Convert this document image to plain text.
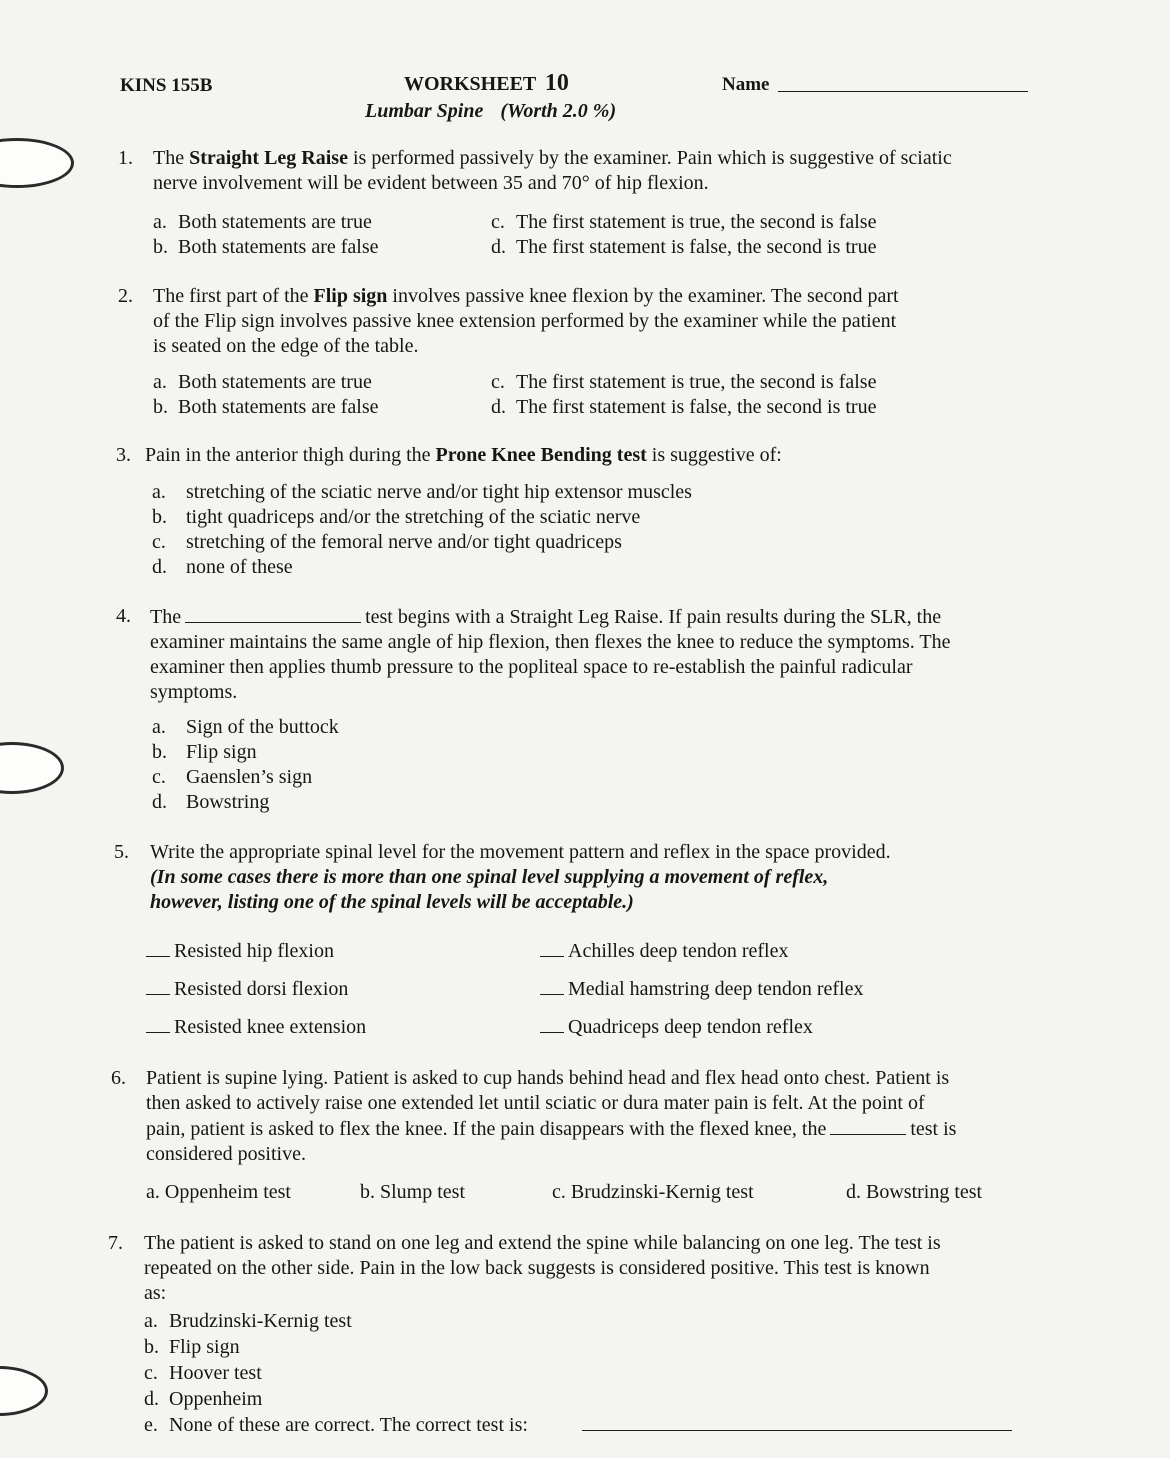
KINS 155B	WORKSHEET 10
Lumbar Spine (Worth 2.0 %)
Name
1. The Straight Leg Raise is performed passively by the examiner. Pain which is suggestive of sciatic
nerve involvement will be evident between 35 and 70° of hip flexion.
a. Both statements are true
b. Both statements are false
c. The first statement is true, the second is false
d. The first statement is false, the second is true
2. The first part of the Flip sign involves passive knee flexion by the examiner. The second part
of the Flip sign involves passive knee extension performed by the examiner while the patient
is seated on the edge of the table.
a. Both statements are true
b. Both statements are false
c. The first statement is true, the second is false
d. The first statement is false, the second is true
3. Pain in the anterior thigh during the Prone Knee Bending test is suggestive of:
a. stretching of the sciatic nerve and/or tight hip extensor muscles
b. tight quadriceps and/or the stretching of the sciatic nerve
c. stretching of the femoral nerve and/or tight quadriceps
d. none of these
4. The	test begins with a Straight Leg Raise. If pain results during the SLR, the
examiner maintains the same angle of hip flexion, then flexes the knee to reduce the symptoms. The
examiner then applies thumb pressure to the popliteal space to re-establish the painful radicular
symptoms.
a. Sign of the buttock
b. Flip sign
c. Gaenslen’s sign
d. Bowstring
5. Write the appropriate spinal level for the movement pattern and reflex in the space provided.
(In some cases there is more than one spinal level supplying a movement of reflex,
however, listing one of the spinal levels will be acceptable.)
Resisted hip flexion
Resisted dorsi flexion
Resisted knee extension
Achilles deep tendon reflex
Medial hamstring deep tendon reflex
Quadriceps deep tendon reflex
6. Patient is supine lying. Patient is asked to cup hands behind head and flex head onto chest. Patient is
then asked to actively raise one extended let until sciatic or dura mater pain is felt. At the point of
pain, patient is asked to flex the knee. If the pain disappears with the flexed knee, the	test is
considered positive.
a. Oppenheim test	b. Slump test	c. Brudzinski-Kernig test	d. Bowstring test
7. The patient is asked to stand on one leg and extend the spine while balancing on one leg. The test is
repeated on the other side. Pain in the low back suggests is considered positive. This test is known
as:
a. Brudzinski-Kernig test
b. Flip sign
c. Hoover test
d. Oppenheim
e. None of these are correct. The correct test is:
